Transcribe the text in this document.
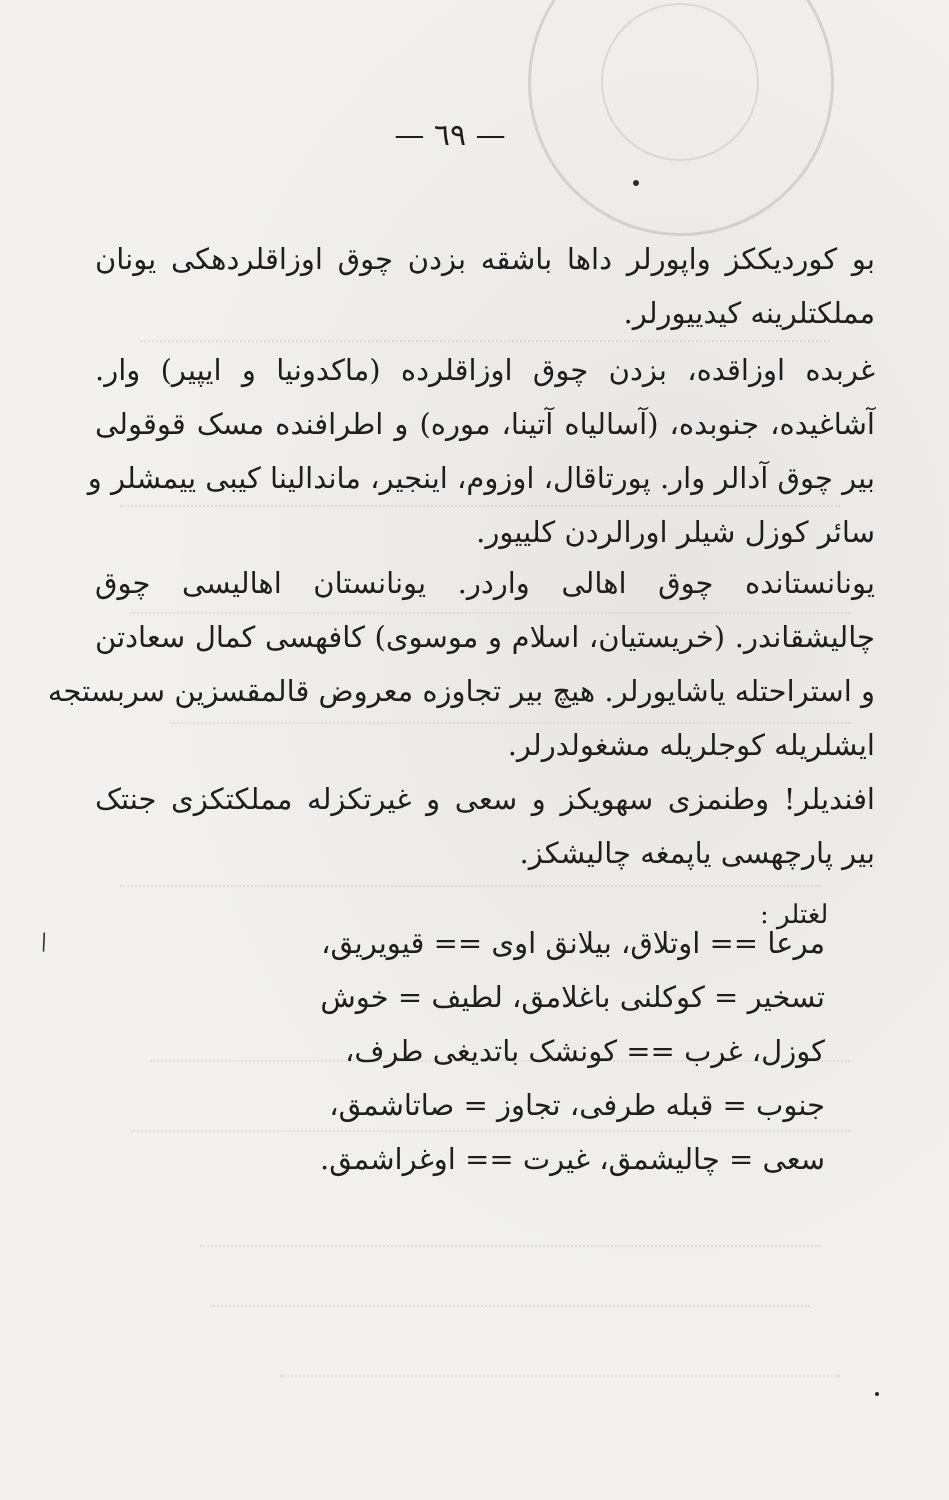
— ٦٩ —
بو کوردیککز واپورلر داها باشقه بزدن چوق اوزاقلردهکی یونان
مملکتلرینه کیدییورلر.
غربده اوزاقده، بزدن چوق اوزاقلرده (ماکدونیا و ایپیر) وار.
آشاغیده، جنوبده، (آسالیاه آتینا، موره) و اطرافنده مسک قوقولی
بیر چوق آدالر وار. پورتاقال، اوزوم، اینجیر، ماندالینا کیبی ییمشلر و
سائر کوزل شیلر اورالردن کلییور.
یونانستانده چوق اهالی واردر. یونانستان اهالیسی چوق
چالیشقاندر. (خریستیان، اسلام و موسوی) کافهسی کمال سعادتن
و استراحتله یاشایورلر. هیچ بیر تجاوزه معروض قالمقسزین سربستجه
ایشلریله کوجلریله مشغولدرلر.
افندیلر! وطنمزی سهویکز و سعی و غیرتکزله مملکتکزی جنتک
بیر پارچهسی یاپمغه چالیشکز.
لغتلر :
مرعا == اوتلاق، بیلانق اوی == قیویریق،
تسخیر = کوکلنی باغلامق، لطیف = خوش
کوزل، غرب == کونشک باتدیغی طرف،
جنوب = قبله طرفی، تجاوز = صاتاشمق،
سعی = چالیشمق، غیرت == اوغراشمق.
\
